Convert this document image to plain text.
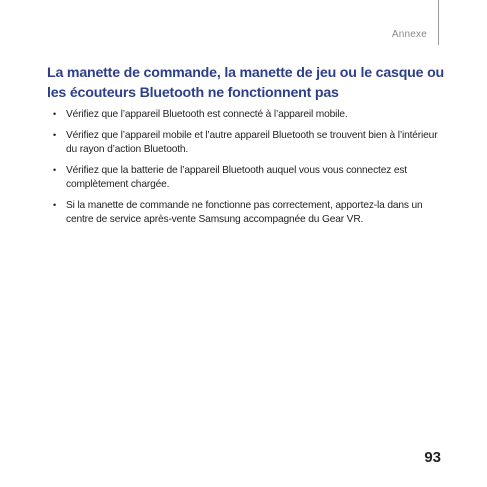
Annexe
La manette de commande, la manette de jeu ou le casque ou les écouteurs Bluetooth ne fonctionnent pas
• Vérifiez que l’appareil Bluetooth est connecté à l’appareil mobile.
• Vérifiez que l’appareil mobile et l’autre appareil Bluetooth se trouvent bien à l’intérieur du rayon d’action Bluetooth.
• Vérifiez que la batterie de l’appareil Bluetooth auquel vous vous connectez est complètement chargée.
• Si la manette de commande ne fonctionne pas correctement, apportez-la dans un centre de service après-vente Samsung accompagnée du Gear VR.
93
